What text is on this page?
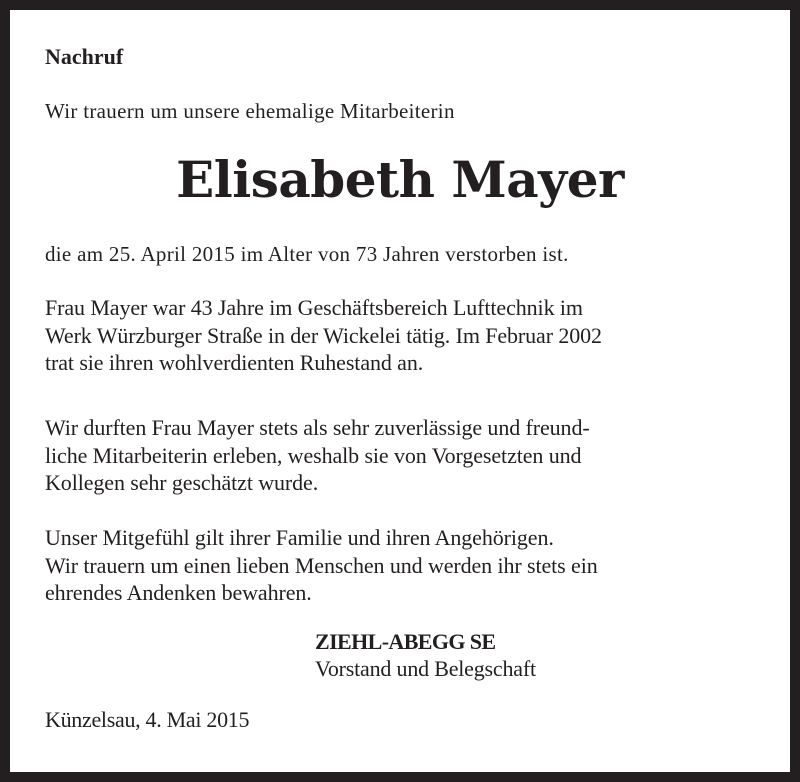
Nachruf
Wir trauern um unsere ehemalige Mitarbeiterin
Elisabeth Mayer
die am 25. April 2015 im Alter von 73 Jahren verstorben ist.
Frau Mayer war 43 Jahre im Geschäftsbereich Lufttechnik im
Werk Würzburger Straße in der Wickelei tätig. Im Februar 2002
trat sie ihren wohlverdienten Ruhestand an.
Wir durften Frau Mayer stets als sehr zuverlässige und freund-
liche Mitarbeiterin erleben, weshalb sie von Vorgesetzten und
Kollegen sehr geschätzt wurde.
Unser Mitgefühl gilt ihrer Familie und ihren Angehörigen.
Wir trauern um einen lieben Menschen und werden ihr stets ein
ehrendes Andenken bewahren.
ZIEHL-ABEGG SE
Vorstand und Belegschaft
Künzelsau, 4. Mai 2015
